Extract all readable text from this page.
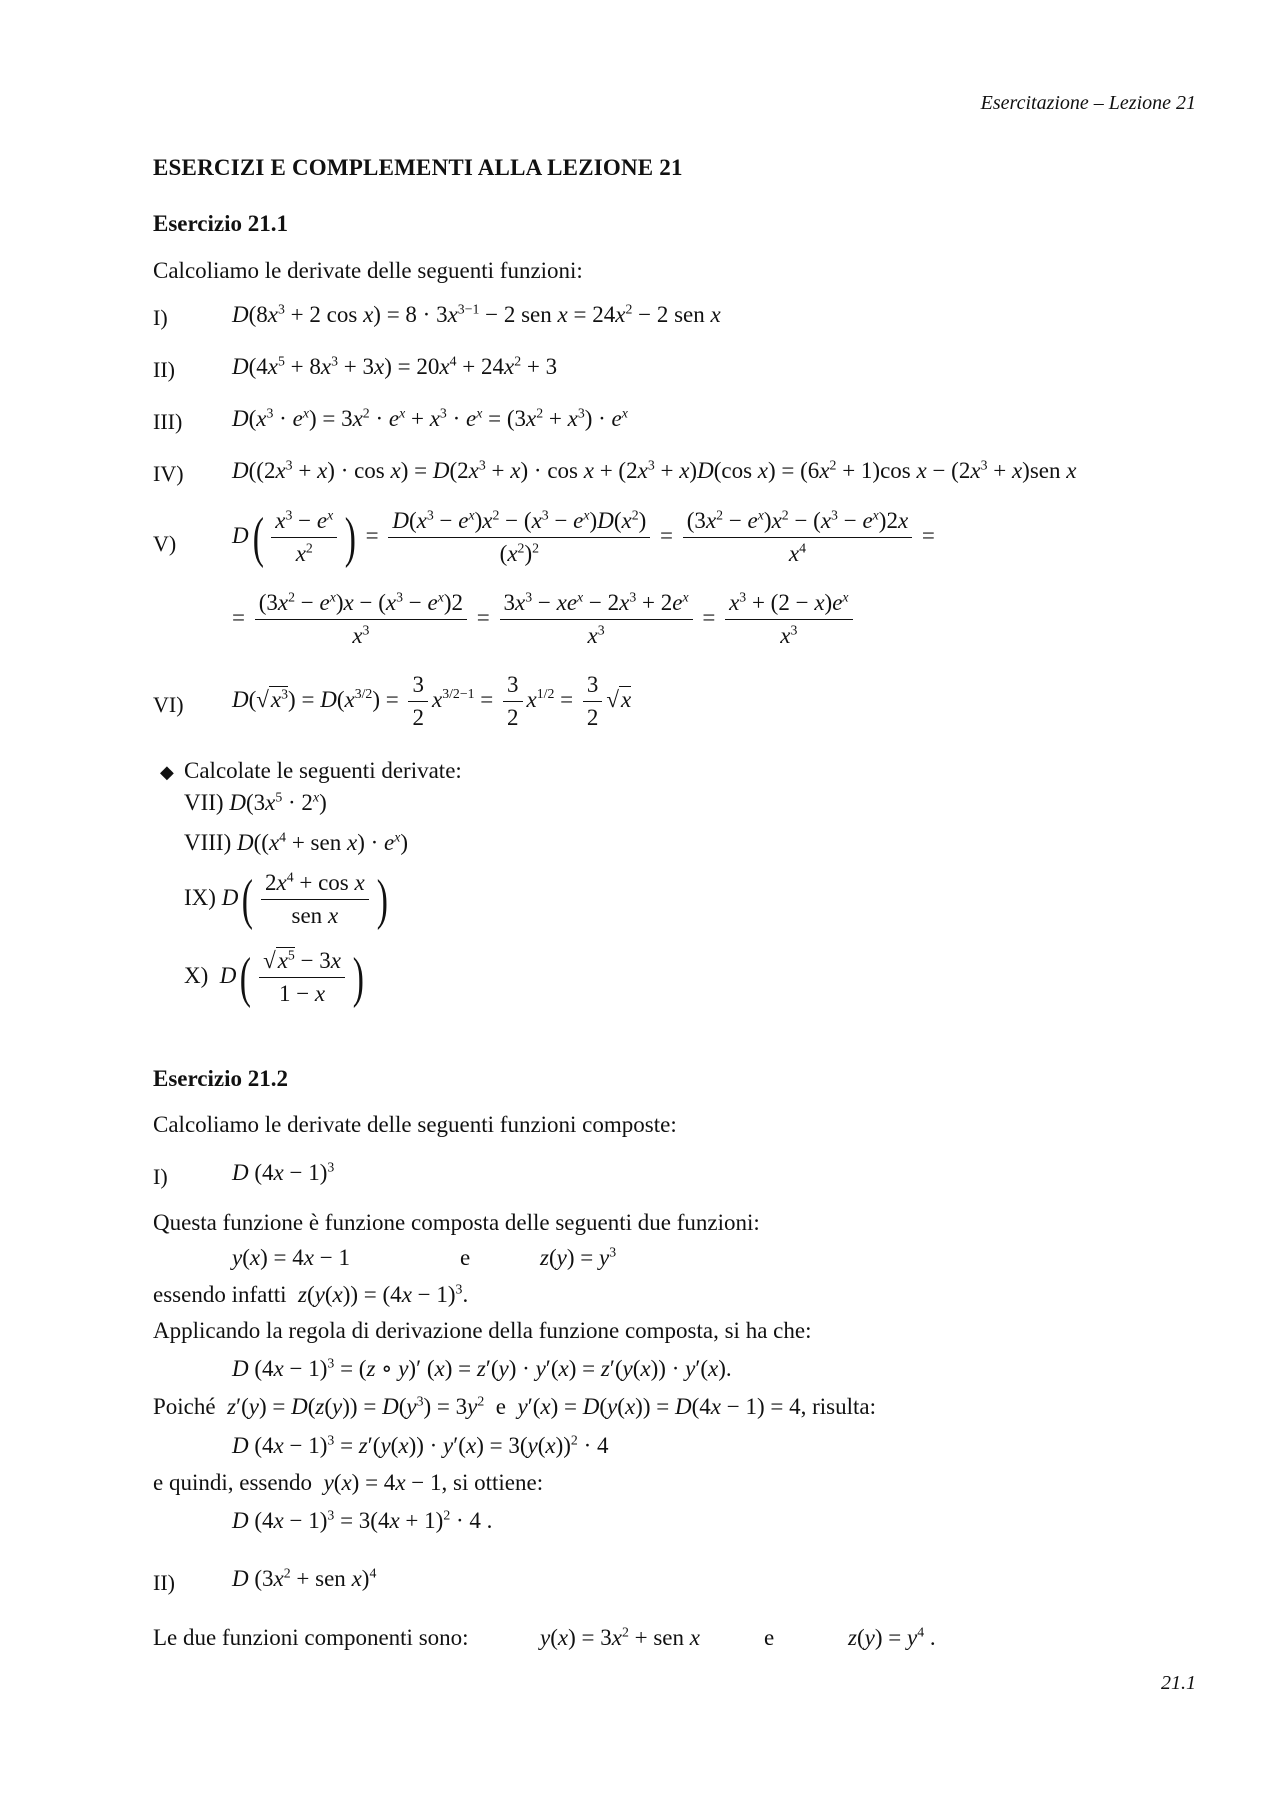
Esercitazione – Lezione 21
ESERCIZI E COMPLEMENTI ALLA LEZIONE 21
Esercizio 21.1
Calcoliamo le derivate delle seguenti funzioni:
I)	$D(8x^3 + 2$ $\cos x) = 8 \cdot 3x^{3-1} - 2$ sen $x = 24x^2 - 2$ sen x
II) $D(4x^5 + 8x^3 + 3x) = 20x^4 + 24x^2 + 3$
III) $D(x^3 \cdot e^x) = 3x^2 \cdot e^x + x^3 \cdot e^x = (3x^2 + x^3) \cdot e^x$
IV) $D((2x^3 + x) \cdot \cos x) = D(2x^3 + x) \cdot \cos x + (2x^3 + x)D(\cos$ $x) = (6x^2 + 1)\cos$ $x - (2x^3 + x)sen$ x
V) $D( \frac{x^3 - e^x}{x^2}$ ) = $\frac{D(x^3 - e^x)x^2 - (x^3 - e^x)D(x^2)}{(x^2)^2} = \frac{(3x^2 - e^x)x^2 - (x^3 - e^x)2x}{x^4}$ =
= $\frac{(3x^2 - e^x)x - (x^3 - e^x)2}{x^3} = \frac{3x^3 - xe^x - 2x^3 + 2e^x}{x^3} = \frac{x^3 + (2 - x)e^x}{x^3}$
VI) $D(√x^3) = D(x^{3/2}) = \frac{3}{2} x^{3/2-1} = \frac{3}{2} x^{1/2} = \frac{3}{2} √x$
◆ Calcolate le seguenti derivate:
VII) $D(3x^5 \cdot 2^x)$
VIII) $D((x^4$ + sen $x) \cdot e^x$)
IX) $D( \frac{2x^4 + \cos x}{\text{sen x}}$ )
X) $D( \frac{√x^5 - 3x}{1 - x}$ )
Esercizio 21.2
Calcoliamo le derivate delle seguenti funzioni composte:
I)	D $(4x - 1)^3$
Questa funzione è funzione composta delle seguenti due funzioni:
y(x) = 4x − 1	e	$z(y) = y^3$
essendo infatti $z(y(x)) = (4x - 1)^3$.
Applicando la regola di derivazione della funzione composta, si ha che:
D $(4x - 1)^3 = (z$ ∘ y)′ (x) = z′(y) · y′(x) = z′(y(x)) · y′(x).
Poiché $z'(y) = D(z(y)) = D(y^3) = 3y^2$ e y′(x) = D(y(x)) = D(4x − 1) = 4, risulta:
D $(4x - 1)^3 = z'(y(x)) \cdot y'(x) = 3(y(x))^2 \cdot 4$
e quindi, essendo y(x) = 4x − 1, si ottiene:
D $(4x - 1)^3 = 3(4x + 1)^2 \cdot 4$ .
II) D ($3x^2$ + sen x)$^4$
Le due funzioni componenti sono:	$y(x) = 3x^2$ + sen x	e	$z(y) = y^4$ .
21.1
